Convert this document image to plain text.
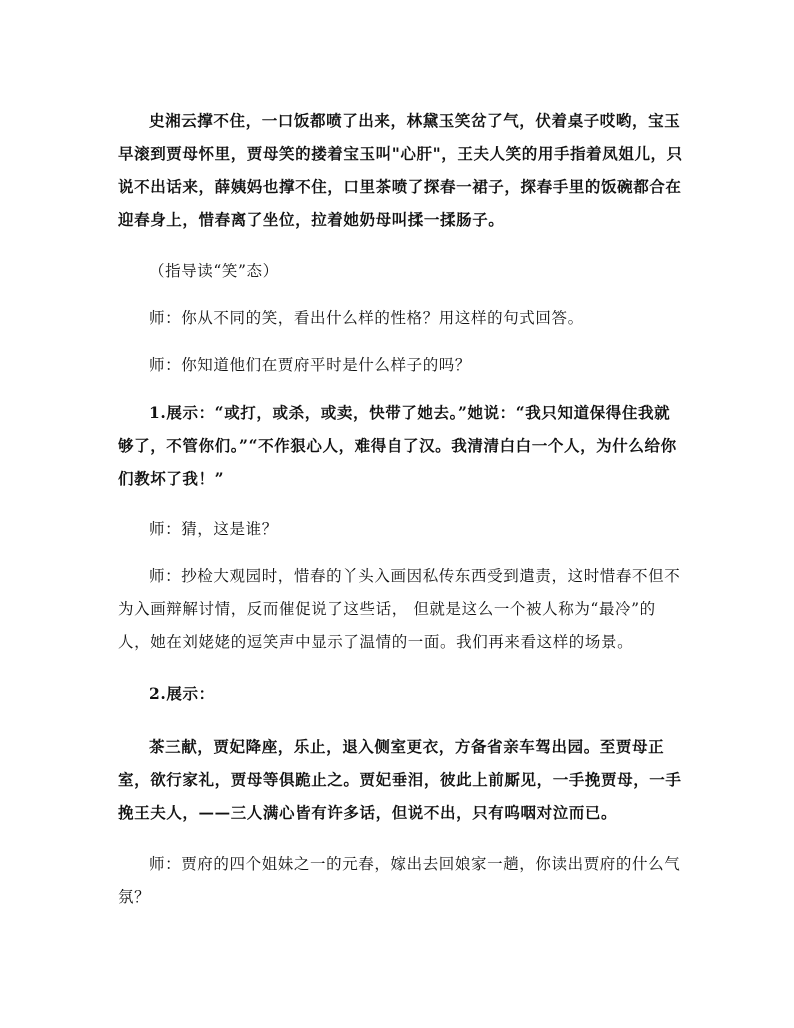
史湘云撑不住，一口饭都喷了出来，林黛玉笑岔了气，伏着桌子哎哟，宝玉早滚到贾母怀里，贾母笑的搂着宝玉叫"心肝"，王夫人笑的用手指着凤姐儿，只说不出话来，薛姨妈也撑不住，口里茶喷了探春一裙子，探春手里的饭碗都合在迎春身上，惜春离了坐位，拉着她奶母叫揉一揉肠子。

（指导读“笑”态）

师：你从不同的笑，看出什么样的性格？用这样的句式回答。

师：你知道他们在贾府平时是什么样子的吗？

1.展示：“或打，或杀，或卖，快带了她去。”她说：“我只知道保得住我就够了，不管你们。”“不作狠心人，难得自了汉。我清清白白一个人，为什么给你们教坏了我！”

师：猜，这是谁？

师：抄检大观园时，惜春的丫头入画因私传东西受到遣责，这时惜春不但不为入画辩解讨情，反而催促说了这些话， 但就是这么一个被人称为“最冷”的人，她在刘姥姥的逗笑声中显示了温情的一面。我们再来看这样的场景。

2.展示：

茶三献，贾妃降座，乐止，退入侧室更衣，方备省亲车驾出园。至贾母正室，欲行家礼，贾母等俱跪止之。贾妃垂泪，彼此上前厮见，一手挽贾母，一手挽王夫人，——三人满心皆有许多话，但说不出，只有呜咽对泣而已。

师：贾府的四个姐妹之一的元春，嫁出去回娘家一趟，你读出贾府的什么气氛？
